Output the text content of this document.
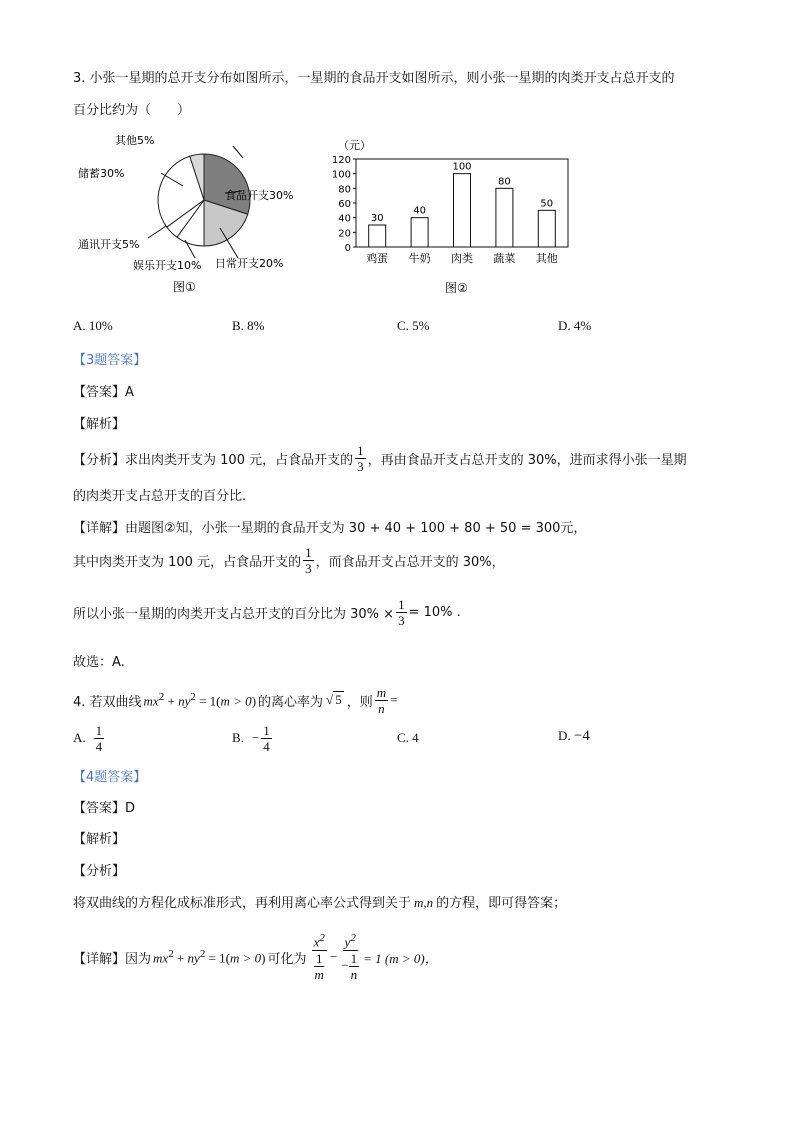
3. 小张一星期的总开支分布如图所示，一星期的食品开支如图所示，则小张一星期的肉类开支占总开支的
百分比约为（　　）
其他5%
储蓄30%
食品开支30%
通讯开支5%
娱乐开支10% 日常开支20%
图①
（元）
0
20
40
60
80
100
120
30
鸡蛋
40
牛奶
100
肉类
80
蔬菜
50
其他
图②
A. 10%	B. 8%	C. 5%	D. 4%
【3题答案】
【答案】A
【解析】
【分析】 求出肉类开支为 100 元，占食品开支的 $\frac{1}{3}$ ，再由食品开支占总开支的 30%，进而求得小张一星期
的肉类开支占总开支的百分比.
【详解】由题图②知，小张一星期的食品开支为 30 + 40 + 100 + 80 + 50 = 300元，
其中肉类开支为 100 元，占食品开支的 $\frac{1}{3}$ ，而食品开支占总开支的 30%，
所以小张一星期的肉类开支占总开支的百分比为 $30\% \times \frac{1}{3} = 10\%$ .
故选：A.
4. 若双曲线 $mx^2 + ny^2 = 1(m > 0)$ 的离心率为 √ 5 ，则 $\frac{m}{n}$ =
A. $\frac{1}{4}$	B. − $\frac{1}{4}$	C. 4	D. −4
【4题答案】
【答案】D
【解析】
【分析】
将双曲线的方程化成标准形式，再利用离心率公式得到关于 m,n 的方程，即可得答案；
【详解】 因为 $mx^2 + ny^2 = 1(m > 0)$ 可化为 $\frac{x^2}{\frac{1}{m}} - \frac{y^2}{- \frac{1}{n}} = 1$ (m > 0)，
